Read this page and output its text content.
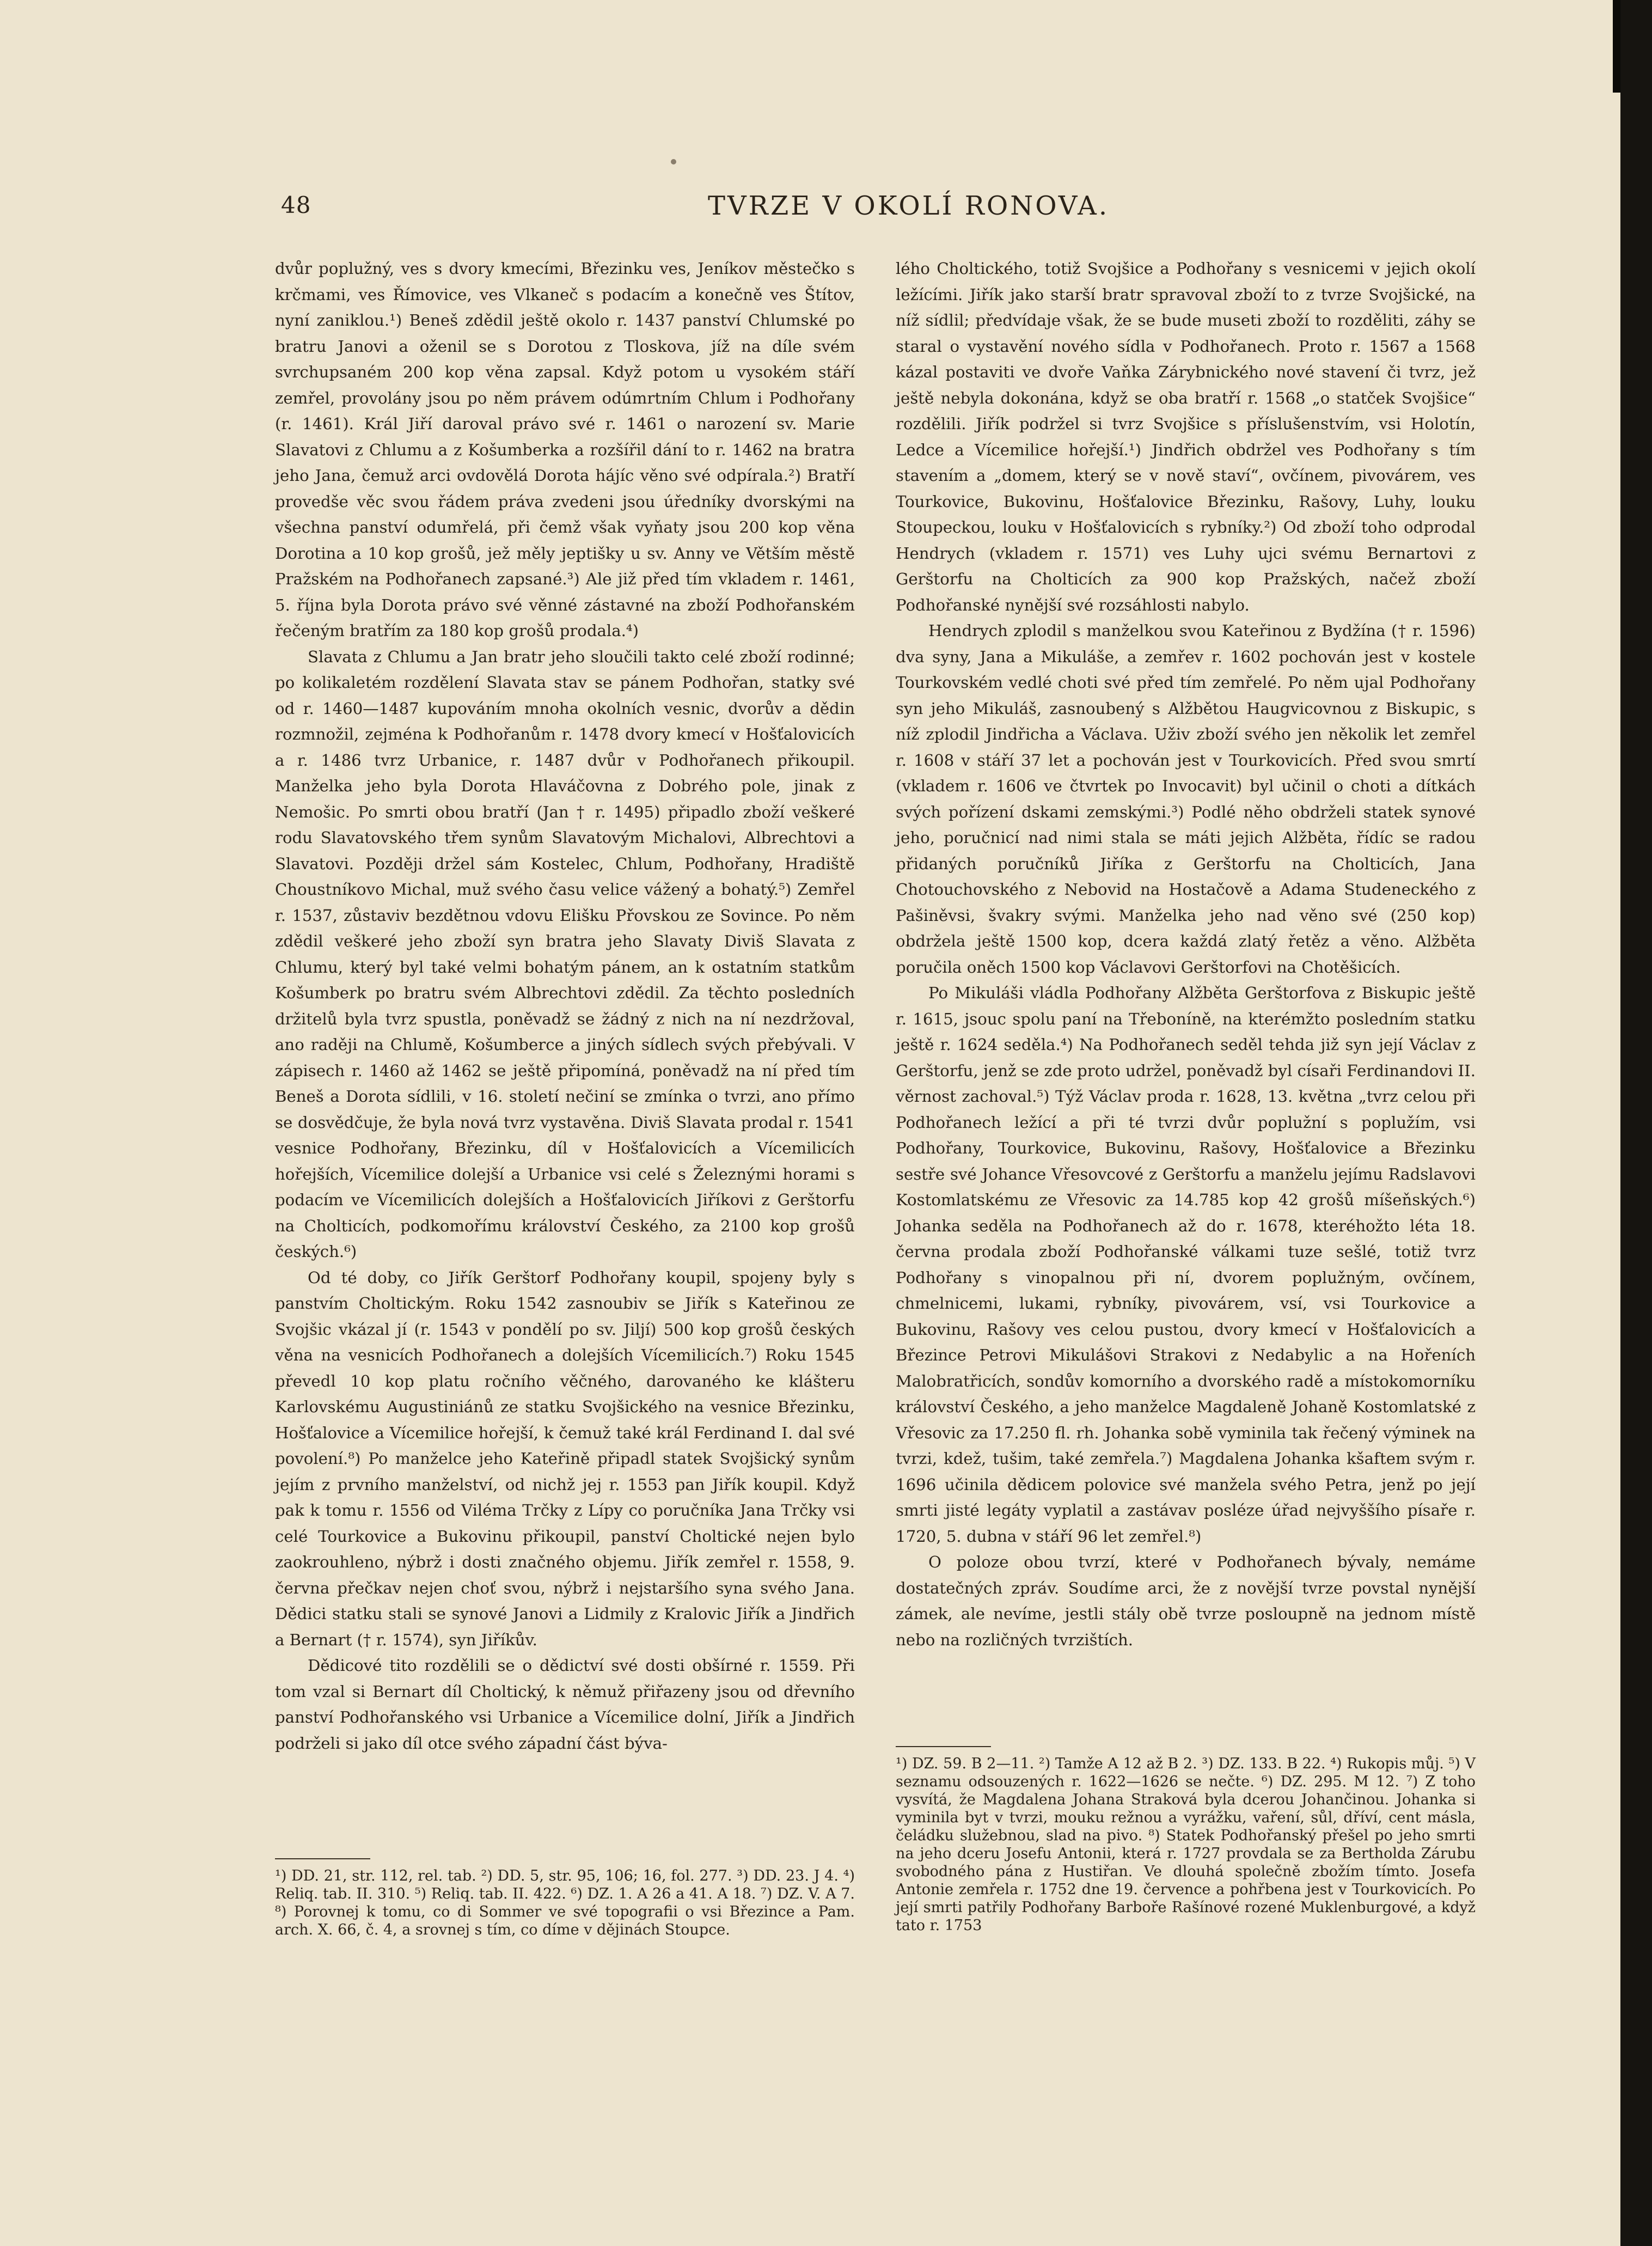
48	TVRZE V OKOLÍ RONOVA.

dvůr poplužný, ves s dvory kmecími, Březinku ves, Jeníkov městečko s krčmami, ves Římovice, ves Vlkaneč s podacím a konečně ves Štítov, nyní zaniklou.¹) Beneš zdědil ještě okolo r. 1437 panství Chlumské po bratru Janovi a oženil se s Dorotou z Tloskova, jíž na díle svém svrchupsaném 200 kop věna zapsal. Když potom u vysokém stáří zemřel, provolány jsou po něm právem odúmrtním Chlum i Podhořany (r. 1461). Král Jiří daroval právo své r. 1461 o narození sv. Marie Slavatovi z Chlumu a z Košumberka a rozšířil dání to r. 1462 na bratra jeho Jana, čemuž arci ovdovělá Dorota hájíc věno své odpírala.²) Bratří provedše věc svou řádem práva zvedeni jsou úředníky dvorskými na všechna panství odumřelá, při čemž však vyňaty jsou 200 kop věna Dorotina a 10 kop grošů, jež měly jeptišky u sv. Anny ve Větším městě Pražském na Podhořanech zapsané.³) Ale již před tím vkladem r. 1461, 5. října byla Dorota právo své věnné zástavné na zboží Podhořanském řečeným bratřím za 180 kop grošů prodala.⁴)

Slavata z Chlumu a Jan bratr jeho sloučili takto celé zboží rodinné; po kolikaletém rozdělení Slavata stav se pánem Podhořan, statky své od r. 1460—1487 kupováním mnoha okolních vesnic, dvorův a dědin rozmnožil, zejména k Podhořanům r. 1478 dvory kmecí v Hošťalovicích a r. 1486 tvrz Urbanice, r. 1487 dvůr v Podhořanech přikoupil. Manželka jeho byla Dorota Hlaváčovna z Dobrého pole, jinak z Nemošic. Po smrti obou bratří (Jan † r. 1495) připadlo zboží veškeré rodu Slavatovského třem synům Slavatovým Michalovi, Albrechtovi a Slavatovi. Později držel sám Kostelec, Chlum, Podhořany, Hradiště Choustníkovo Michal, muž svého času velice vážený a bohatý.⁵) Zemřel r. 1537, zůstaviv bezdětnou vdovu Elišku Přovskou ze Sovince. Po něm zdědil veškeré jeho zboží syn bratra jeho Slavaty Diviš Slavata z Chlumu, který byl také velmi bohatým pánem, an k ostatním statkům Košumberk po bratru svém Albrechtovi zdědil. Za těchto posledních držitelů byla tvrz spustla, poněvadž se žádný z nich na ní nezdržoval, ano raději na Chlumě, Košumberce a jiných sídlech svých přebývali. V zápisech r. 1460 až 1462 se ještě připomíná, poněvadž na ní před tím Beneš a Dorota sídlili, v 16. století nečiní se zmínka o tvrzi, ano přímo se dosvědčuje, že byla nová tvrz vystavěna. Diviš Slavata prodal r. 1541 vesnice Podhořany, Březinku, díl v Hošťalovicích a Vícemilicích hořejších, Vícemilice dolejší a Urbanice vsi celé s Železnými horami s podacím ve Vícemilicích dolejších a Hošťalovicích Jiříkovi z Gerštorfu na Cholticích, podkomořímu království Českého, za 2100 kop grošů českých.⁶)

Od té doby, co Jiřík Gerštorf Podhořany koupil, spojeny byly s panstvím Choltickým. Roku 1542 zasnoubiv se Jiřík s Kateřinou ze Svojšic vkázal jí (r. 1543 v pondělí po sv. Jiljí) 500 kop grošů českých věna na vesnicích Podhořanech a dolejších Vícemilicích.⁷) Roku 1545 převedl 10 kop platu ročního věčného, darovaného ke klášteru Karlovskému Augustiniánů ze statku Svojšického na vesnice Březinku, Hošťalovice a Vícemilice hořejší, k čemuž také král Ferdinand I. dal své povolení.⁸) Po manželce jeho Kateřině připadl statek Svojšický synům jejím z prvního manželství, od nichž jej r. 1553 pan Jiřík koupil. Když pak k tomu r. 1556 od Viléma Trčky z Lípy co poručníka Jana Trčky vsi celé Tourkovice a Bukovinu přikoupil, panství Choltické nejen bylo zaokrouhleno, nýbrž i dosti značného objemu. Jiřík zemřel r. 1558, 9. června přečkav nejen choť svou, nýbrž i nejstaršího syna svého Jana. Dědici statku stali se synové Janovi a Lidmily z Kralovic Jiřík a Jindřich a Bernart († r. 1574), syn Jiříkův.

Dědicové tito rozdělili se o dědictví své dosti obšírné r. 1559. Při tom vzal si Bernart díl Choltický, k němuž přiřazeny jsou od dřevního panství Podhořanského vsi Urbanice a Vícemilice dolní, Jiřík a Jindřich podrželi si jako díl otce svého západní část býva-

lého Choltického, totiž Svojšice a Podhořany s vesnicemi v jejich okolí ležícími. Jiřík jako starší bratr spravoval zboží to z tvrze Svojšické, na níž sídlil; předvídaje však, že se bude museti zboží to rozděliti, záhy se staral o vystavění nového sídla v Podhořanech. Proto r. 1567 a 1568 kázal postaviti ve dvoře Vaňka Zárybnického nové stavení či tvrz, jež ještě nebyla dokonána, když se oba bratří r. 1568 „o statček Svojšice“ rozdělili. Jiřík podržel si tvrz Svojšice s příslušenstvím, vsi Holotín, Ledce a Vícemilice hořejší.¹) Jindřich obdržel ves Podhořany s tím stavením a „domem, který se v nově staví“, ovčínem, pivovárem, ves Tourkovice, Bukovinu, Hošťalovice Březinku, Rašovy, Luhy, louku Stoupeckou, louku v Hošťalovicích s rybníky.²) Od zboží toho odprodal Hendrych (vkladem r. 1571) ves Luhy ujci svému Bernartovi z Gerštorfu na Cholticích za 900 kop Pražských, načež zboží Podhořanské nynější své rozsáhlosti nabylo.

Hendrych zplodil s manželkou svou Kateřinou z Bydžína († r. 1596) dva syny, Jana a Mikuláše, a zemřev r. 1602 pochován jest v kostele Tourkovském vedlé choti své před tím zemřelé. Po něm ujal Podhořany syn jeho Mikuláš, zasnoubený s Alžbětou Haugvicovnou z Biskupic, s níž zplodil Jindřicha a Václava. Uživ zboží svého jen několik let zemřel r. 1608 v stáří 37 let a pochován jest v Tourkovicích. Před svou smrtí (vkladem r. 1606 ve čtvrtek po Invocavit) byl učinil o choti a dítkách svých pořízení dskami zemskými.³) Podlé něho obdrželi statek synové jeho, poručnicí nad nimi stala se máti jejich Alžběta, řídíc se radou přidaných poručníků Jiříka z Gerštorfu na Cholticích, Jana Chotouchovského z Nebovid na Hostačově a Adama Studeneckého z Pašiněvsi, švakry svými. Manželka jeho nad věno své (250 kop) obdržela ještě 1500 kop, dcera každá zlatý řetěz a věno. Alžběta poručila oněch 1500 kop Václavovi Gerštorfovi na Chotěšicích.

Po Mikuláši vládla Podhořany Alžběta Gerštorfova z Biskupic ještě r. 1615, jsouc spolu paní na Třeboníně, na kterémžto posledním statku ještě r. 1624 seděla.⁴) Na Podhořanech seděl tehda již syn její Václav z Gerštorfu, jenž se zde proto udržel, poněvadž byl císaři Ferdinandovi II. věrnost zachoval.⁵) Týž Václav proda r. 1628, 13. května „tvrz celou při Podhořanech ležící a při té tvrzi dvůr poplužní s poplužím, vsi Podhořany, Tourkovice, Bukovinu, Rašovy, Hošťalovice a Březinku sestře své Johance Vřesovcové z Gerštorfu a manželu jejímu Radslavovi Kostomlatskému ze Vřesovic za 14.785 kop 42 grošů míšeňských.⁶) Johanka seděla na Podhořanech až do r. 1678, kteréhožto léta 18. června prodala zboží Podhořanské válkami tuze sešlé, totiž tvrz Podhořany s vinopalnou při ní, dvorem poplužným, ovčínem, chmelnicemi, lukami, rybníky, pivovárem, vsí, vsi Tourkovice a Bukovinu, Rašovy ves celou pustou, dvory kmecí v Hošťalovicích a Březince Petrovi Mikulášovi Strakovi z Nedabylic a na Hořeních Malobratřicích, sondův komorního a dvorského radě a místokomorníku království Českého, a jeho manželce Magdaleně Johaně Kostomlatské z Vřesovic za 17.250 fl. rh. Johanka sobě vyminila tak řečený výminek na tvrzi, kdež, tušim, také zemřela.⁷) Magdalena Johanka kšaftem svým r. 1696 učinila dědicem polovice své manžela svého Petra, jenž po její smrti jisté legáty vyplatil a zastávav posléze úřad nejvyššího písaře r. 1720, 5. dubna v stáří 96 let zemřel.⁸)

O poloze obou tvrzí, které v Podhořanech bývaly, nemáme dostatečných zpráv. Soudíme arci, že z novější tvrze povstal nynější zámek, ale nevíme, jestli stály obě tvrze posloupně na jednom místě nebo na rozličných tvrzištích.

¹) DD. 21, str. 112, rel. tab. ²) DD. 5, str. 95, 106; 16, fol. 277. ³) DD. 23. J 4. ⁴) Reliq. tab. II. 310. ⁵) Reliq. tab. II. 422. ⁶) DZ. 1. A 26 a 41. A 18. ⁷) DZ. V. A 7. ⁸) Porovnej k tomu, co di Sommer ve své topografii o vsi Březince a Pam. arch. X. 66, č. 4, a srovnej s tím, co díme v dějinách Stoupce.
¹) DZ. 59. B 2—11. ²) Tamže A 12 až B 2. ³) DZ. 133. B 22. ⁴) Rukopis můj. ⁵) V seznamu odsouzených r. 1622—1626 se nečte. ⁶) DZ. 295. M 12. ⁷) Z toho vysvítá, že Magdalena Johana Straková byla dcerou Johančinou. Johanka si vyminila byt v tvrzi, mouku režnou a vyrážku, vaření, sůl, dříví, cent másla, čeládku služebnou, slad na pivo. ⁸) Statek Podhořanský přešel po jeho smrti na jeho dceru Josefu Antonii, která r. 1727 provdala se za Bertholda Zárubu svobodného pána z Hustiřan. Ve dlouhá společně zbožím tímto. Josefa Antonie zemřela r. 1752 dne 19. července a pohřbena jest v Tourkovicích. Po její smrti patřily Podhořany Barboře Rašínové rozené Muklenburgové, a když tato r. 1753
